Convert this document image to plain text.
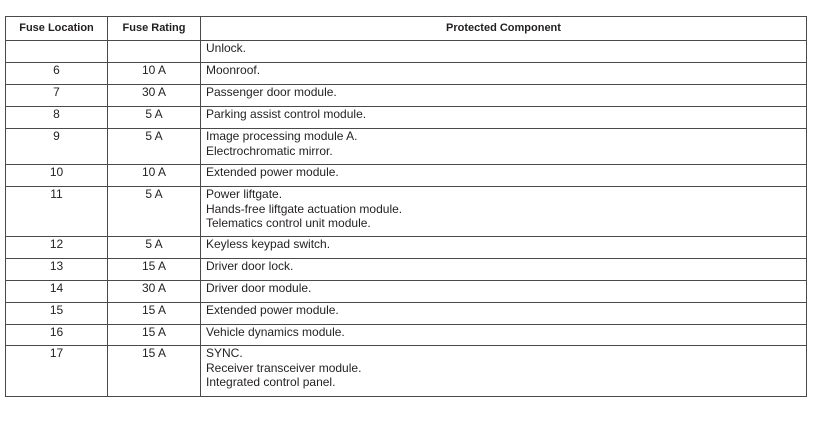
Fuse Location	Fuse Rating	Protected Component

		Unlock.

6	10 A	Moonroof.

7	30 A	Passenger door module.

8	5 A	Parking assist control module.

9	5 A	Image processing module A.
Electrochromatic mirror.

10	10 A	Extended power module.

11	5 A	Power liftgate.
Hands-free liftgate actuation module.
Telematics control unit module.

12	5 A	Keyless keypad switch.

13	15 A	Driver door lock.

14	30 A	Driver door module.

15	15 A	Extended power module.

16	15 A	Vehicle dynamics module.

17	15 A	SYNC.
Receiver transceiver module.
Integrated control panel.
